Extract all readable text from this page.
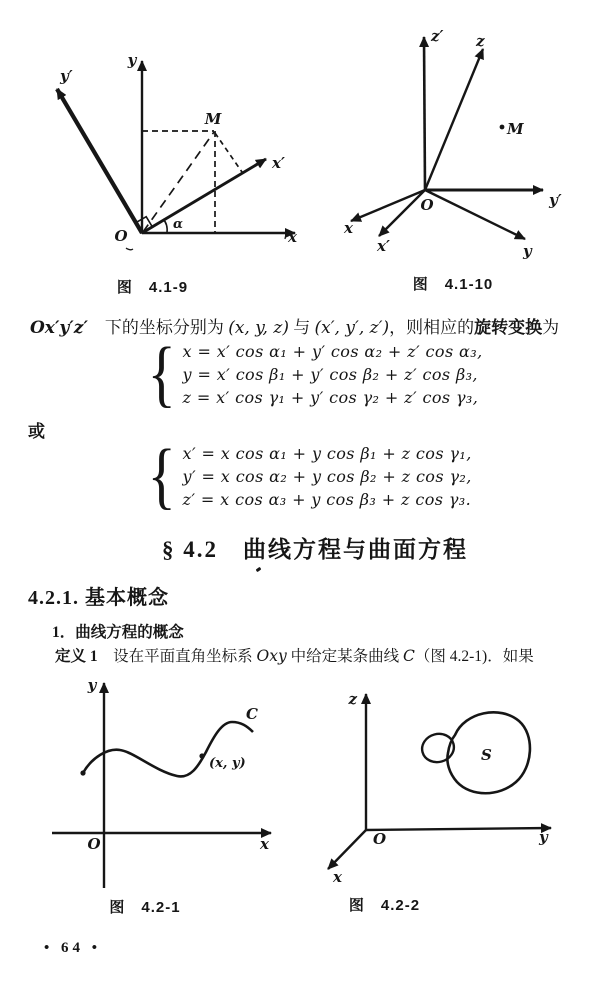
y
y′
x
x′
M
O
α
z′ z
y′
y
x
x′
M
O
图　4.1-9	图　4.1-10

Ox′y′z′　下的坐标分别为 (x, y, z) 与 (x′, y′, z′)，则相应的旋转变换为

{ x = x′ cos α₁ + y′ cos α₂ + z′ cos α₃,
y = x′ cos β₁ + y′ cos β₂ + z′ cos β₃,
z = x′ cos γ₁ + y′ cos γ₂ + z′ cos γ₃,
或
{ x′ = x cos α₁ + y cos β₁ + z cos γ₁,
y′ = x cos α₂ + y cos β₂ + z cos γ₂,
z′ = x cos α₃ + y cos β₃ + z cos γ₃.
§ 4.2　曲线方程与曲面方程
4.2.1. 基本概念
1．曲线方程的概念

定义 1　设在平面直角坐标系 Oxy 中给定某条曲线 C（图 4.2-1)．如果

y
x
O
C
(x, y)
z
y
x
O
S
图　4.2-1	图　4.2-2
• 64 •
